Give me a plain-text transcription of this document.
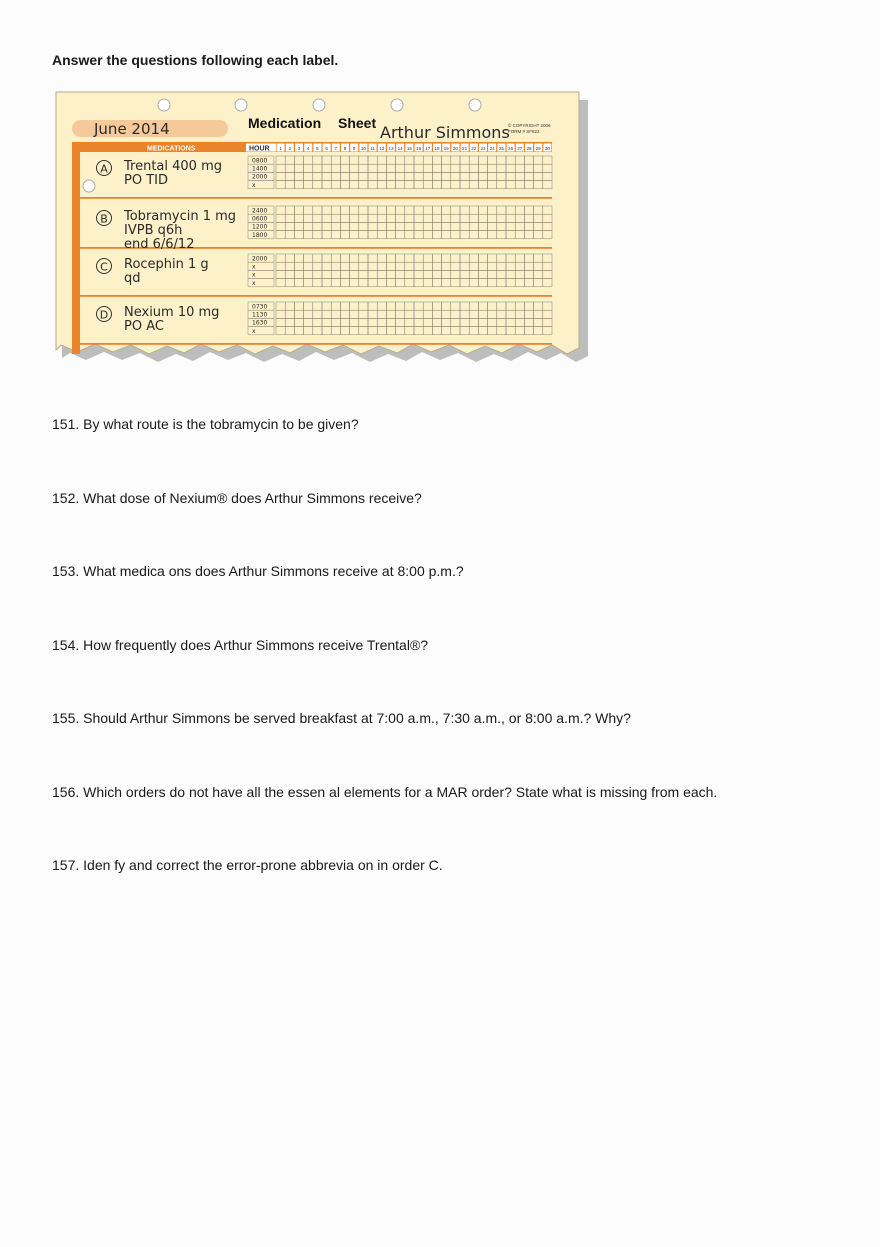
Answer the questions following each label.

June 2014	Medication Sheet Arthur Simmons
© COPYRIGHT 2006
FORM # SF822
MEDICATIONS	HOUR 1 2 3 4 5 6 7 8 9 10 11 12 13 14 15 16 17 18 19 20 21 22 23 24 25 26 27 28 29 30
A Trental 400 mg
PO TID
0800
1400
2000
x
B Tobramycin 1 mg
IVPB q6h
end 6/6/12
2400
0600
1200
1800
C Rocephin 1 g
qd
2000
x
x
x
D Nexium 10 mg
PO AC
0730
1130
1630
x
151. By what route is the tobramycin to be given?
152. What dose of Nexium® does Arthur Simmons receive?
153. What medica ons does Arthur Simmons receive at 8:00 p.m.?
154. How frequently does Arthur Simmons receive Trental®?
155. Should Arthur Simmons be served breakfast at 7:00 a.m., 7:30 a.m., or 8:00 a.m.? Why?
156. Which orders do not have all the essen al elements for a MAR order? State what is missing from each.
157. Iden fy and correct the error-prone abbrevia on in order C.
